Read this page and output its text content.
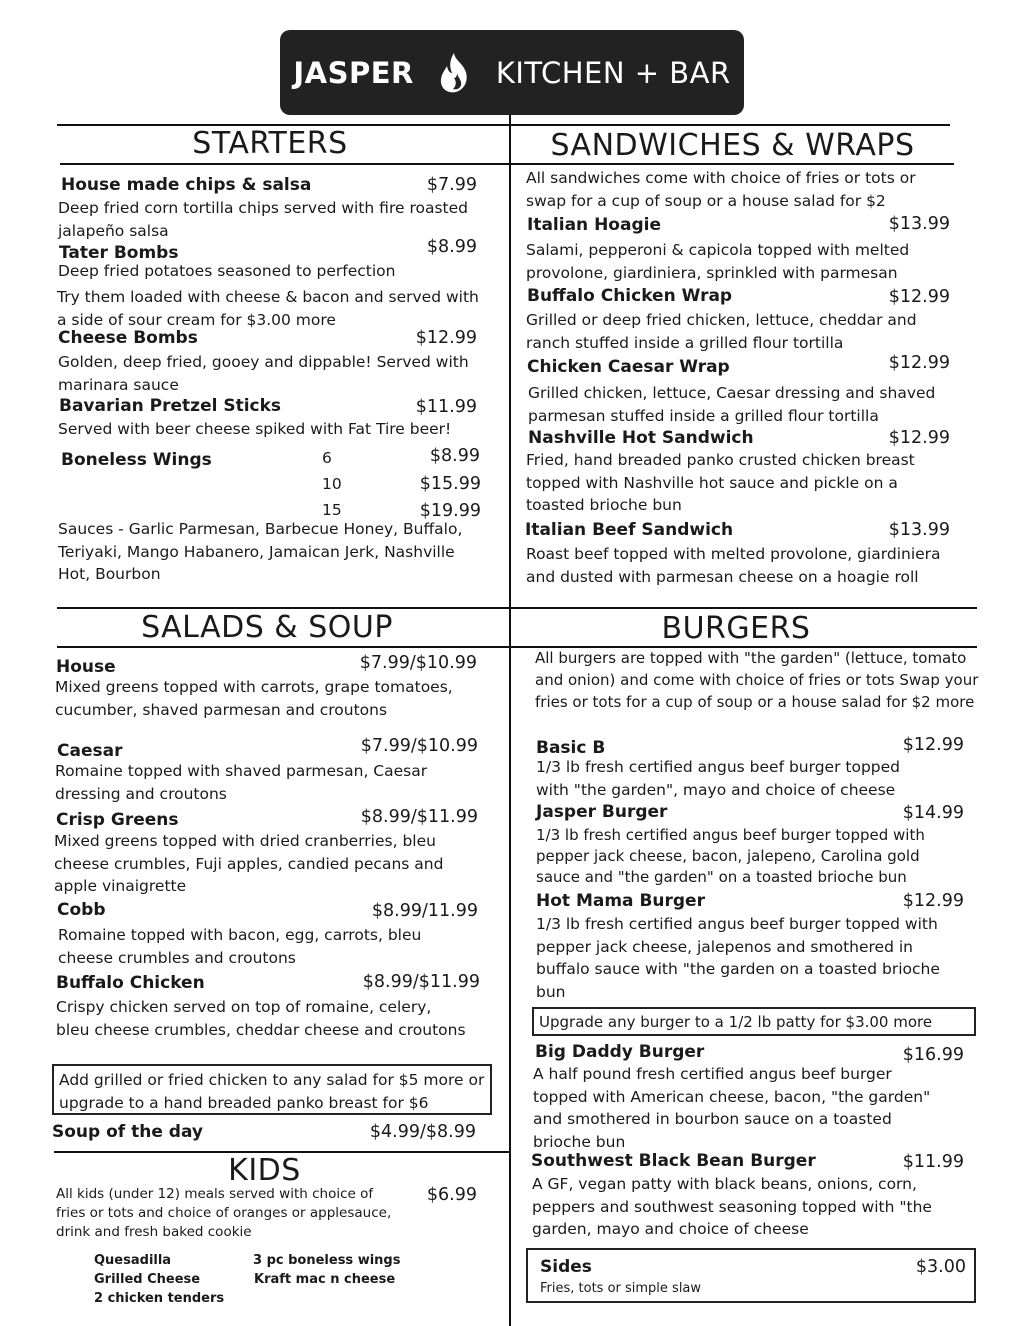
JASPER	KITCHEN + BAR
STARTERS
House made chips & salsa	$7.99
Deep fried corn tortilla chips served with fire roasted jalapeño salsa
Tater Bombs	$8.99
Deep fried potatoes seasoned to perfection
Try them loaded with cheese & bacon and served with a side of sour cream for $3.00 more
Cheese Bombs	$12.99
Golden, deep fried, gooey and dippable! Served with marinara sauce
Bavarian Pretzel Sticks	$11.99
Served with beer cheese spiked with Fat Tire beer!
Boneless Wings	6	$8.99
10	$15.99
15	$19.99
Sauces - Garlic Parmesan, Barbecue Honey, Buffalo, Teriyaki, Mango Habanero, Jamaican Jerk, Nashville Hot, Bourbon
SANDWICHES & WRAPS
All sandwiches come with choice of fries or tots or swap for a cup of soup or a house salad for $2
Italian Hoagie	$13.99
Salami, pepperoni & capicola topped with melted provolone, giardiniera, sprinkled with parmesan
Buffalo Chicken Wrap	$12.99
Grilled or deep fried chicken, lettuce, cheddar and ranch stuffed inside a grilled flour tortilla
Chicken Caesar Wrap	$12.99
Grilled chicken, lettuce, Caesar dressing and shaved parmesan stuffed inside a grilled flour tortilla
Nashville Hot Sandwich	$12.99
Fried, hand breaded panko crusted chicken breast topped with Nashville hot sauce and pickle on a toasted brioche bun
Italian Beef Sandwich	$13.99
Roast beef topped with melted provolone, giardiniera and dusted with parmesan cheese on a hoagie roll
SALADS & SOUP
House	$7.99/$10.99
Mixed greens topped with carrots, grape tomatoes, cucumber, shaved parmesan and croutons
Caesar	$7.99/$10.99
Romaine topped with shaved parmesan, Caesar dressing and croutons
Crisp Greens	$8.99/$11.99
Mixed greens topped with dried cranberries, bleu cheese crumbles, Fuji apples, candied pecans and apple vinaigrette
Cobb	$8.99/11.99
Romaine topped with bacon, egg, carrots, bleu cheese crumbles and croutons
Buffalo Chicken	$8.99/$11.99
Crispy chicken served on top of romaine, celery, bleu cheese crumbles, cheddar cheese and croutons
Add grilled or fried chicken to any salad for $5 more or upgrade to a hand breaded panko breast for $6
Soup of the day	$4.99/$8.99
KIDS
All kids (under 12) meals served with choice of fries or tots and choice of oranges or applesauce, drink and fresh baked cookie
$6.99
Quesadilla
Grilled Cheese
2 chicken tenders
3 pc boneless wings
Kraft mac n cheese
BURGERS
All burgers are topped with "the garden" (lettuce, tomato and onion) and come with choice of fries or tots Swap your fries or tots for a cup of soup or a house salad for $2 more
Basic B	$12.99
1/3 lb fresh certified angus beef burger topped with "the garden", mayo and choice of cheese
Jasper Burger	$14.99
1/3 lb fresh certified angus beef burger topped with pepper jack cheese, bacon, jalepeno, Carolina gold sauce and "the garden" on a toasted brioche bun
Hot Mama Burger	$12.99
1/3 lb fresh certified angus beef burger topped with pepper jack cheese, jalepenos and smothered in buffalo sauce with "the garden on a toasted brioche bun
Upgrade any burger to a 1/2 lb patty for $3.00 more
Big Daddy Burger	$16.99
A half pound fresh certified angus beef burger topped with American cheese, bacon, "the garden" and smothered in bourbon sauce on a toasted brioche bun
Southwest Black Bean Burger	$11.99
A GF, vegan patty with black beans, onions, corn, peppers and southwest seasoning topped with "the garden, mayo and choice of cheese
Sides	$3.00
Fries, tots or simple slaw
